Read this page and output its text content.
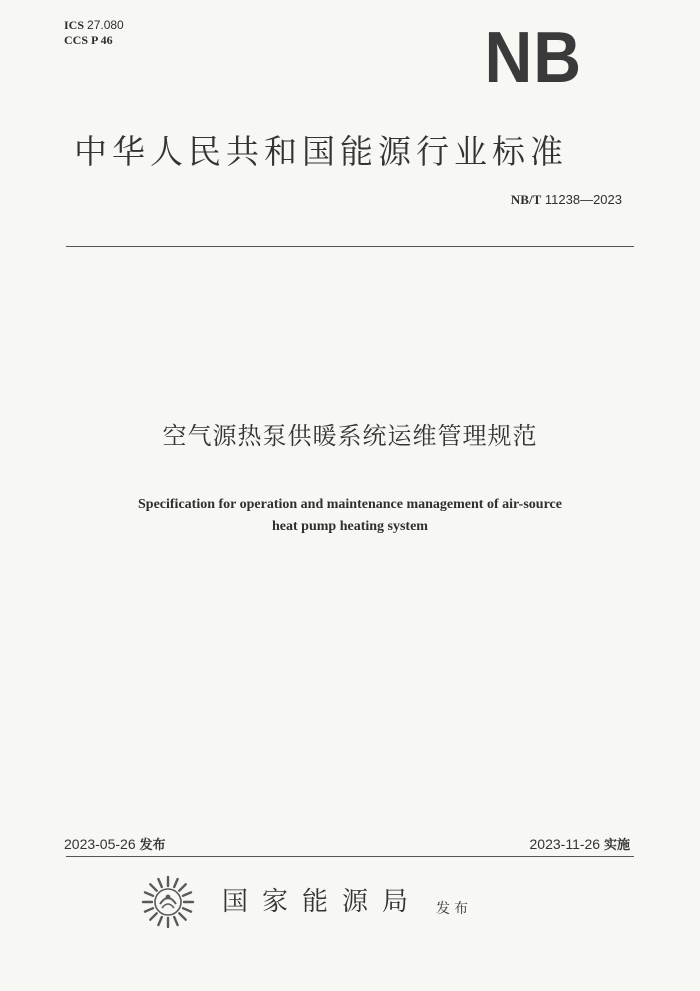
ICS 27.080
CCS P 46	NB
中华人民共和国能源行业标准
NB/T 11238—2023
空气源热泵供暖系统运维管理规范
Specification for operation and maintenance management of air-source
heat pump heating system
2023-05-26 发布	2023-11-26 实施
国家能源局 发布
